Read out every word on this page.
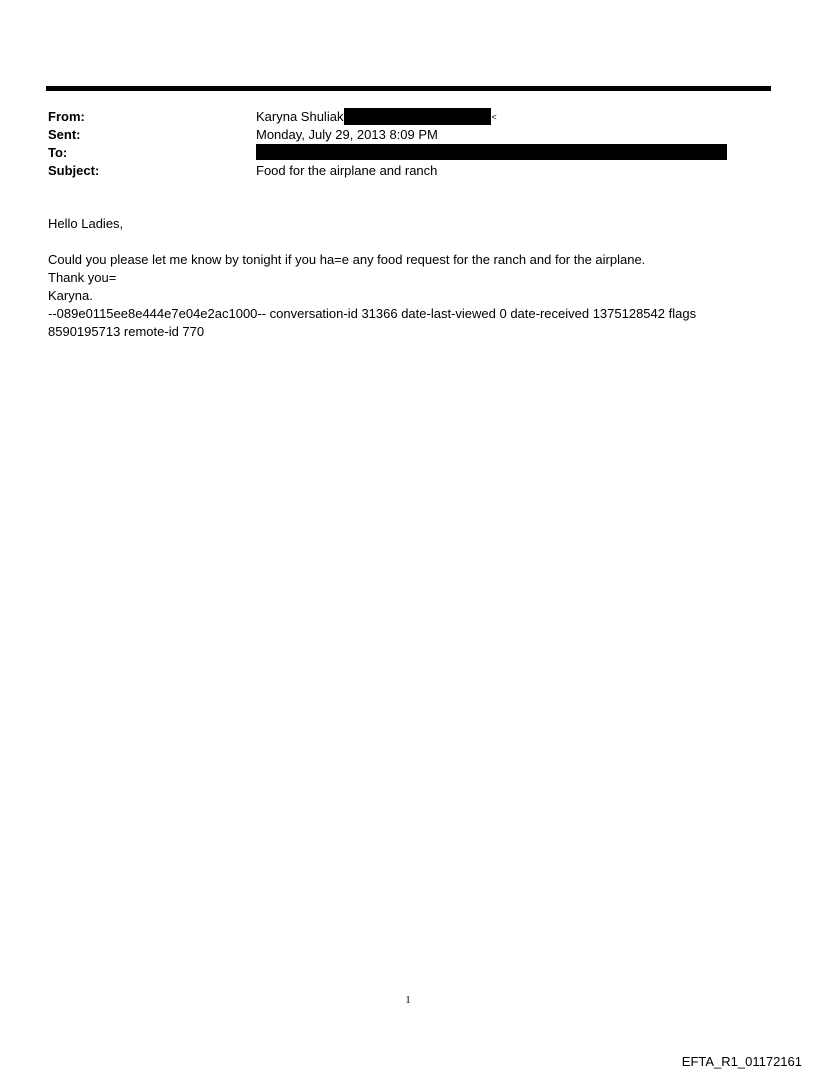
From:	Karyna Shuliak	<
Sent:	Monday, July 29, 2013 8:09 PM
To:
Subject:	Food for the airplane and ranch
Hello Ladies,
Could you please let me know by tonight if you ha=e any food request for the ranch and for the airplane.
Thank you=
Karyna.
--089e0115ee8e444e7e04e2ac1000-- conversation-id 31366 date-last-viewed 0 date-received 1375128542 flags
8590195713 remote-id 770
1
EFTA_R1_01172161
